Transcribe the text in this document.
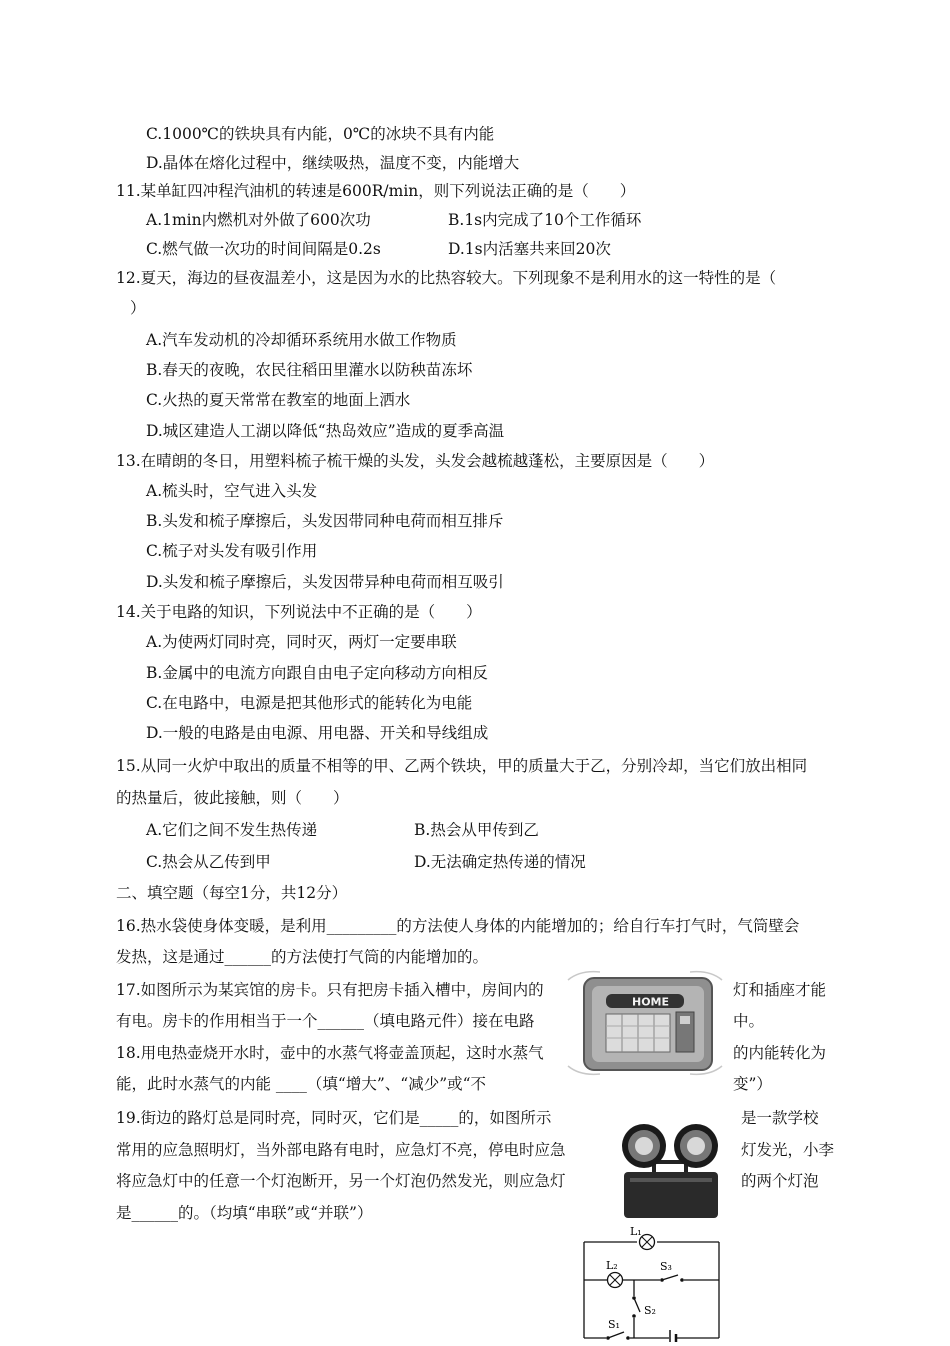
C.1000℃的铁块具有内能，0℃的冰块不具有内能
D.晶体在熔化过程中，继续吸热，温度不变，内能增大
11.某单缸四冲程汽油机的转速是600R/min，则下列说法正确的是（　　）
A.1min内燃机对外做了600次功	B.1s内完成了10个工作循环
C.燃气做一次功的时间间隔是0.2s	D.1s内活塞共来回20次
12.夏天，海边的昼夜温差小，这是因为水的比热容较大。下列现象不是利用水的这一特性的是（
）
A.汽车发动机的冷却循环系统用水做工作物质
B.春天的夜晚，农民往稻田里灌水以防秧苗冻坏
C.火热的夏天常常在教室的地面上洒水
D.城区建造人工湖以降低“热岛效应”造成的夏季高温
13.在晴朗的冬日，用塑料梳子梳干燥的头发，头发会越梳越蓬松，主要原因是（　　）
A.梳头时，空气进入头发
B.头发和梳子摩擦后，头发因带同种电荷而相互排斥
C.梳子对头发有吸引作用
D.头发和梳子摩擦后，头发因带异种电荷而相互吸引
14.关于电路的知识，下列说法中不正确的是（　　）
A.为使两灯同时亮，同时灭，两灯一定要串联
B.金属中的电流方向跟自由电子定向移动方向相反
C.在电路中，电源是把其他形式的能转化为电能
D.一般的电路是由电源、用电器、开关和导线组成
15.从同一火炉中取出的质量不相等的甲、乙两个铁块，甲的质量大于乙，分别冷却，当它们放出相同
的热量后，彼此接触，则（　　）
A.它们之间不发生热传递	B.热会从甲传到乙
C.热会从乙传到甲	D.无法确定热传递的情况
二、填空题（每空1分，共12分）
16.热水袋使身体变暖，是利用_________的方法使人身体的内能增加的；给自行车打气时，气筒壁会
发热，这是通过______的方法使打气筒的内能增加的。
17.如图所示为某宾馆的房卡。只有把房卡插入槽中，房间内的	灯和插座才能
有电。房卡的作用相当于一个______（填电路元件）接在电路	中。
18.用电热壶烧开水时，壶中的水蒸气将壶盖顶起，这时水蒸气	的内能转化为
能，此时水蒸气的内能 ____（填“增大”、“减少”或“不	变”）
19.街边的路灯总是同时亮，同时灭，它们是_____的，如图所示	是一款学校
常用的应急照明灯，当外部电路有电时，应急灯不亮，停电时应急	灯发光，小李
将应急灯中的任意一个灯泡断开，另一个灯泡仍然发光，则应急灯	的两个灯泡
是______的。（均填“串联”或“并联”）
HOME
L₁
L₂	S₃
S₂
S₁
